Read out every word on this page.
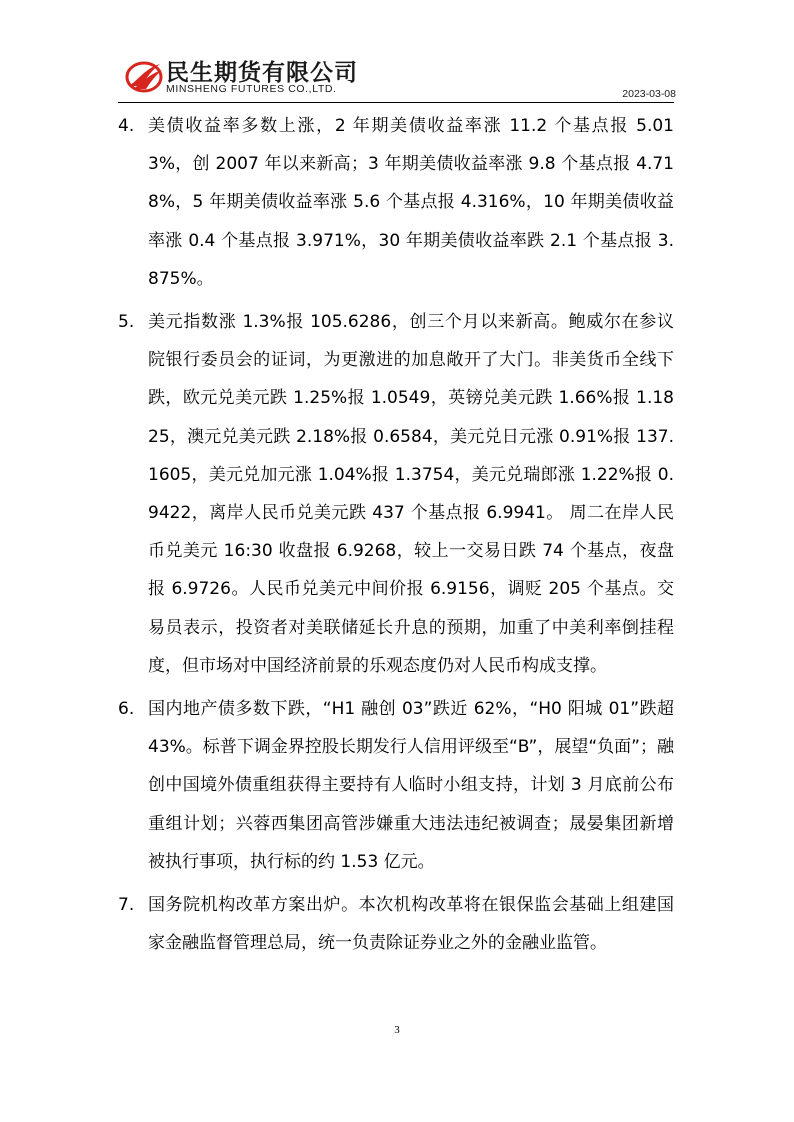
民生期货有限公司
MINSHENG FUTURES CO.,LTD.	2023-03-08
4. 美债收益率多数上涨，2 年期美债收益率涨 11.2 个基点报 5.013%，创 2007 年以来新高；3 年期美债收益率涨 9.8 个基点报 4.718%，5 年期美债收益率涨 5.6 个基点报 4.316%，10 年期美债收益率涨 0.4 个基点报 3.971%，30 年期美债收益率跌 2.1 个基点报 3.875%。

5. 美元指数涨 1.3%报 105.6286，创三个月以来新高。鲍威尔在参议院银行委员会的证词，为更激进的加息敞开了大门。非美货币全线下跌，欧元兑美元跌 1.25%报 1.0549，英镑兑美元跌 1.66%报 1.1825，澳元兑美元跌 2.18%报 0.6584，美元兑日元涨 0.91%报 137.1605，美元兑加元涨 1.04%报 1.3754，美元兑瑞郎涨 1.22%报 0.9422，离岸人民币兑美元跌 437 个基点报 6.9941。 周二在岸人民币兑美元 16:30 收盘报 6.9268，较上一交易日跌 74 个基点，夜盘报 6.9726。人民币兑美元中间价报 6.9156，调贬 205 个基点。交易员表示，投资者对美联储延长升息的预期，加重了中美利率倒挂程度，但市场对中国经济前景的乐观态度仍对人民币构成支撑。

6. 国内地产债多数下跌，“H1 融创 03”跌近 62%，“H0 阳城 01”跌超 43%。标普下调金界控股长期发行人信用评级至“B”，展望“负面”；融创中国境外债重组获得主要持有人临时小组支持，计划 3 月底前公布重组计划；兴蓉西集团高管涉嫌重大违法违纪被调查；晟晏集团新增被执行事项，执行标的约 1.53 亿元。

7. 国务院机构改革方案出炉。本次机构改革将在银保监会基础上组建国家金融监督管理总局，统一负责除证券业之外的金融业监管。

3
